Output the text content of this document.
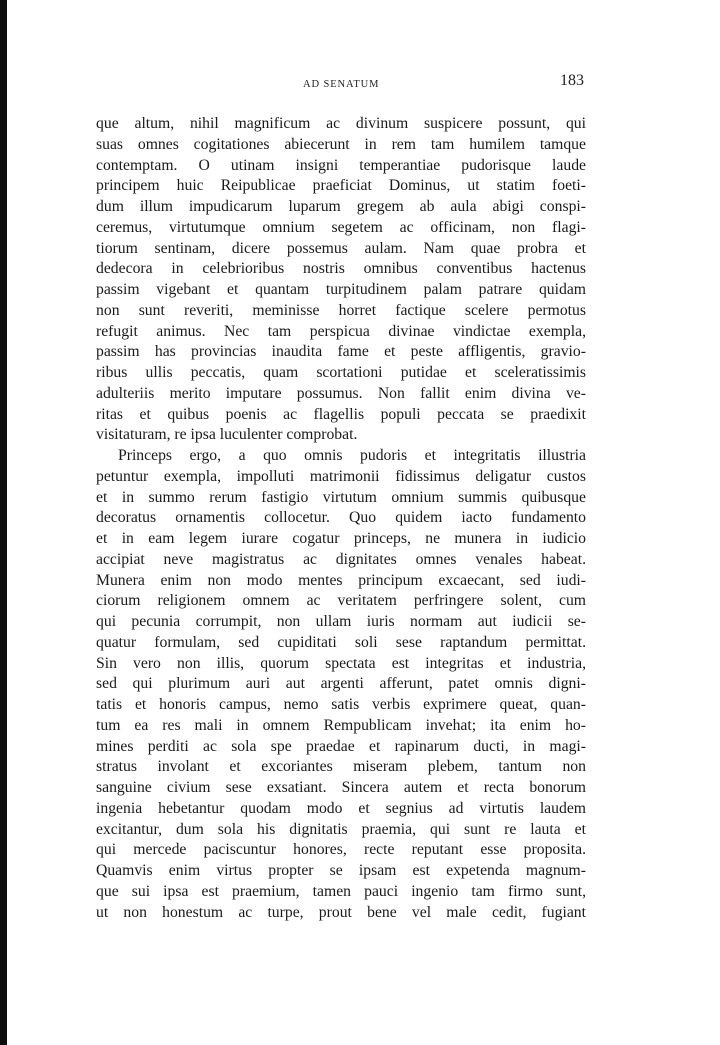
AD SENATUM	183
que altum, nihil magnificum ac divinum suspicere possunt, qui
suas omnes cogitationes abiecerunt in rem tam humilem tamque
contemptam. O utinam insigni temperantiae pudorisque laude
principem huic Reipublicae praeficiat Dominus, ut statim foeti-
dum illum impudicarum luparum gregem ab aula abigi conspi-
ceremus, virtutumque omnium segetem ac officinam, non flagi-
tiorum sentinam, dicere possemus aulam. Nam quae probra et
dedecora in celebrioribus nostris omnibus conventibus hactenus
passim vigebant et quantam turpitudinem palam patrare quidam
non sunt reveriti, meminisse horret factique scelere permotus
refugit animus. Nec tam perspicua divinae vindictae exempla,
passim has provincias inaudita fame et peste affligentis, gravio-
ribus ullis peccatis, quam scortationi putidae et sceleratissimis
adulteriis merito imputare possumus. Non fallit enim divina ve-
ritas et quibus poenis ac flagellis populi peccata se praedixit
visitaturam, re ipsa luculenter comprobat.
Princeps ergo, a quo omnis pudoris et integritatis illustria
petuntur exempla, impolluti matrimonii fidissimus deligatur custos
et in summo rerum fastigio virtutum omnium summis quibusque
decoratus ornamentis collocetur. Quo quidem iacto fundamento
et in eam legem iurare cogatur princeps, ne munera in iudicio
accipiat neve magistratus ac dignitates omnes venales habeat.
Munera enim non modo mentes principum excaecant, sed iudi-
ciorum religionem omnem ac veritatem perfringere solent, cum
qui pecunia corrumpit, non ullam iuris normam aut iudicii se-
quatur formulam, sed cupiditati soli sese raptandum permittat.
Sin vero non illis, quorum spectata est integritas et industria,
sed qui plurimum auri aut argenti afferunt, patet omnis digni-
tatis et honoris campus, nemo satis verbis exprimere queat, quan-
tum ea res mali in omnem Rempublicam invehat; ita enim ho-
mines perditi ac sola spe praedae et rapinarum ducti, in magi-
stratus involant et excoriantes miseram plebem, tantum non
sanguine civium sese exsatiant. Sincera autem et recta bonorum
ingenia hebetantur quodam modo et segnius ad virtutis laudem
excitantur, dum sola his dignitatis praemia, qui sunt re lauta et
qui mercede paciscuntur honores, recte reputant esse proposita.
Quamvis enim virtus propter se ipsam est expetenda magnum-
que sui ipsa est praemium, tamen pauci ingenio tam firmo sunt,
ut non honestum ac turpe, prout bene vel male cedit, fugiant
